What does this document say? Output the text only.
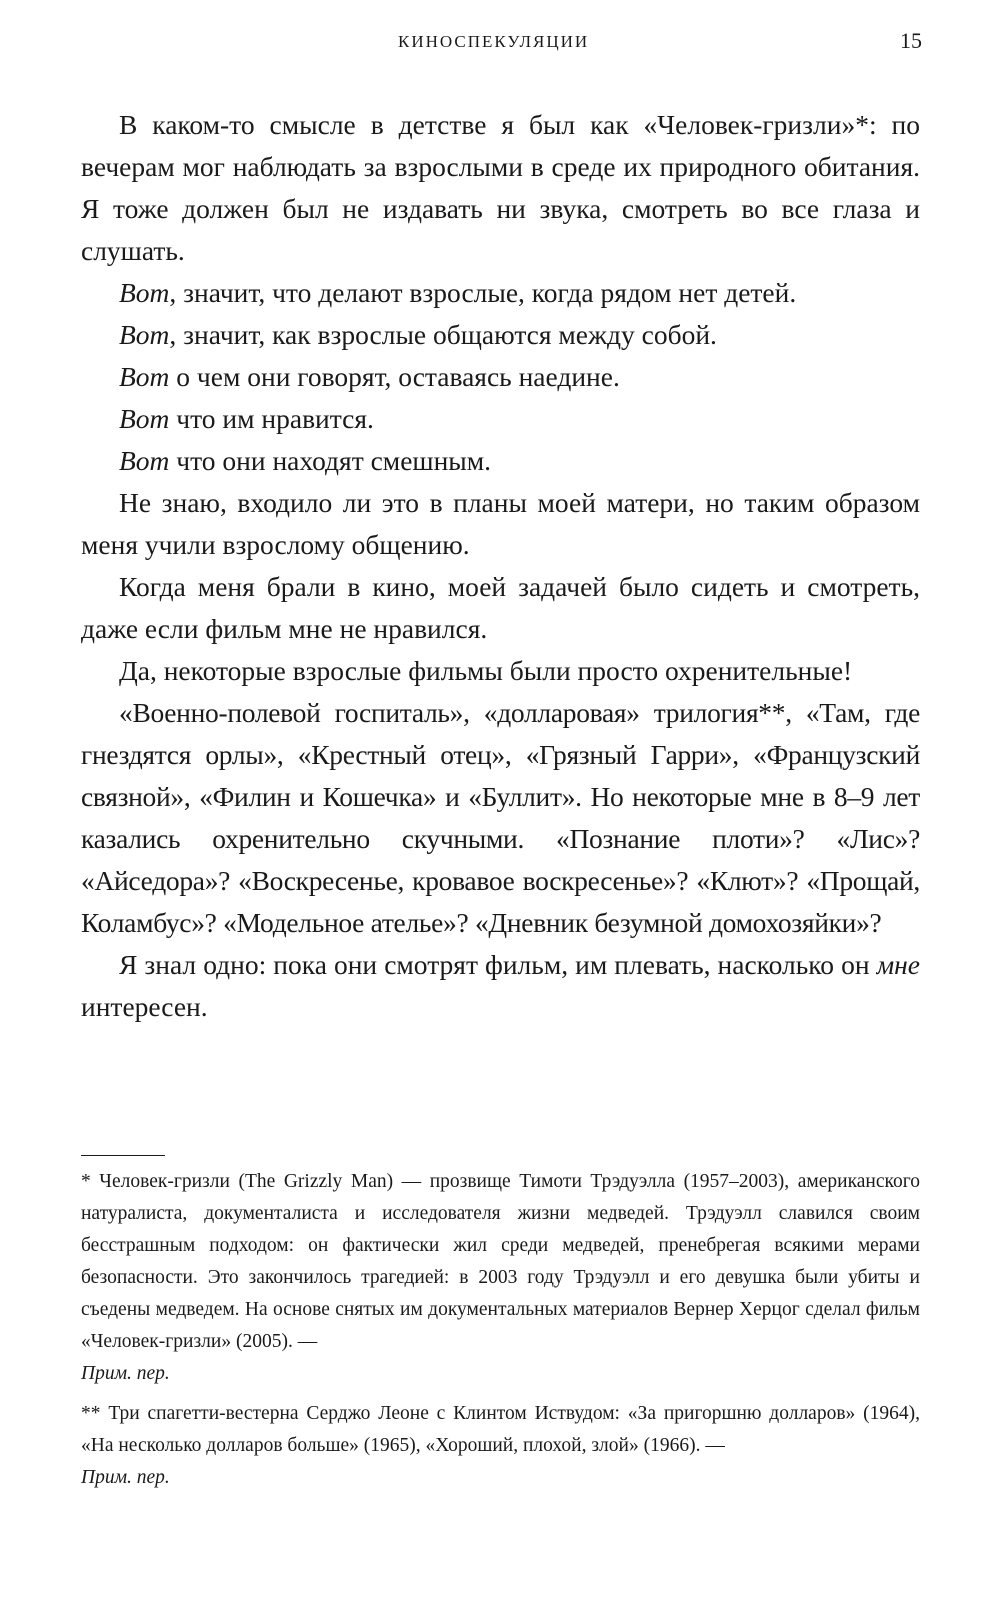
КИНОСПЕКУЛЯЦИИ	15

В каком-то смысле в детстве я был как «Человек-гризли»*: по вечерам мог наблюдать за взрослыми в среде их природного обитания. Я тоже должен был не издавать ни звука, смотреть во все глаза и слушать.

Вот, значит, что делают взрослые, когда рядом нет детей.

Вот, значит, как взрослые общаются между собой.

Вот о чем они говорят, оставаясь наедине.

Вот что им нравится.

Вот что они находят смешным.

Не знаю, входило ли это в планы моей матери, но таким образом меня учили взрослому общению.

Когда меня брали в кино, моей задачей было сидеть и смотреть, даже если фильм мне не нравился.

Да, некоторые взрослые фильмы были просто охренительные!

«Военно-полевой госпиталь», «долларовая» трилогия**, «Там, где гнездятся орлы», «Крестный отец», «Грязный Гарри», «Французский связной», «Филин и Кошечка» и «Буллит». Но некоторые мне в 8–9 лет казались охренительно скучными. «Познание плоти»? «Лис»? «Айседора»? «Воскресенье, кровавое воскресенье»? «Клют»? «Прощай, Коламбус»? «Модельное ателье»? «Дневник безумной домохозяйки»?

Я знал одно: пока они смотрят фильм, им плевать, насколько он мне интересен.

* Человек-гризли (The Grizzly Man) — прозвище Тимоти Трэдуэлла (1957–2003), американского натуралиста, документалиста и исследователя жизни медведей. Трэдуэлл славился своим бесстрашным подходом: он фактически жил среди медведей, пренебрегая всякими мерами безопасности. Это закончилось трагедией: в 2003 году Трэдуэлл и его девушка были убиты и съедены медведем. На основе снятых им документальных материалов Вернер Херцог сделал фильм «Человек-гризли» (2005). —
Прим. пер.

** Три спагетти-вестерна Серджо Леоне с Клинтом Иствудом: «За пригоршню долларов» (1964), «На несколько долларов больше» (1965), «Хороший, плохой, злой» (1966). —
Прим. пер.
